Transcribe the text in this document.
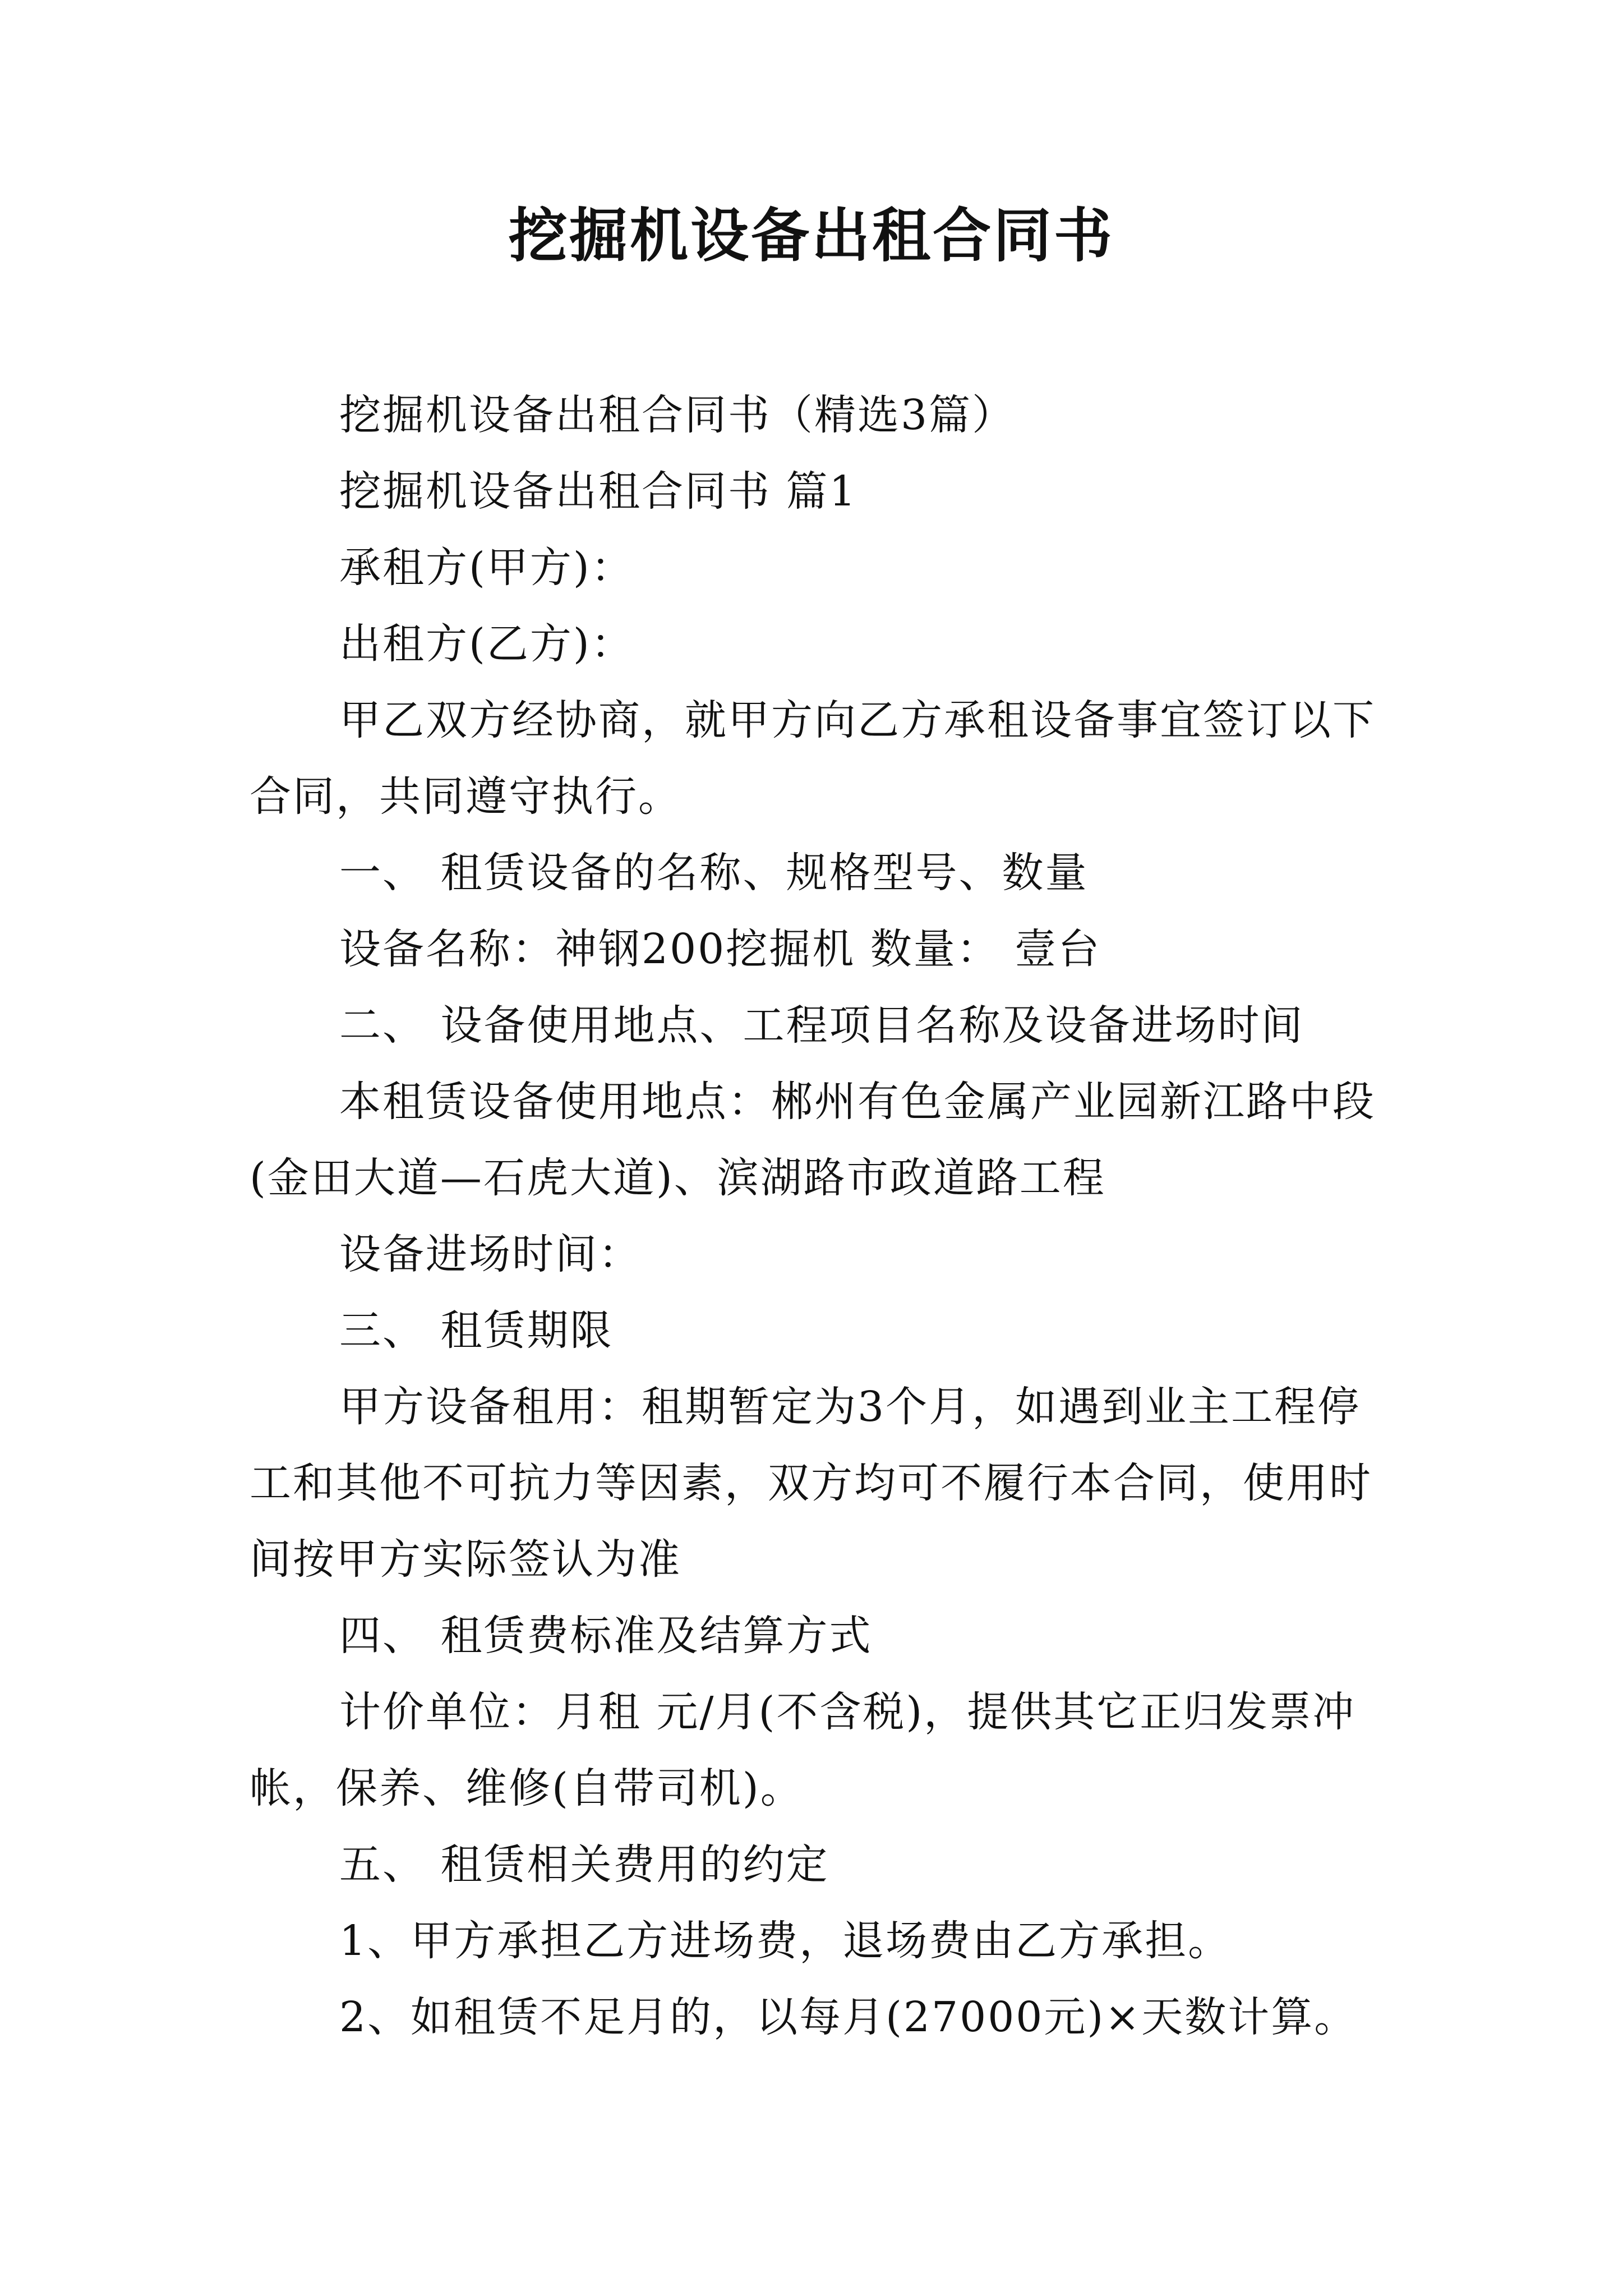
挖掘机设备出租合同书

挖掘机设备出租合同书（精选3篇）

挖掘机设备出租合同书 篇1

承租方(甲方)：

出租方(乙方)：

甲乙双方经协商，就甲方向乙方承租设备事宜签订以下合同，共同遵守执行。

一、 租赁设备的名称、规格型号、数量

设备名称：神钢200挖掘机 数量： 壹台

二、 设备使用地点、工程项目名称及设备进场时间

本租赁设备使用地点：郴州有色金属产业园新江路中段(金田大道—石虎大道)、滨湖路市政道路工程

设备进场时间：

三、 租赁期限

甲方设备租用：租期暂定为3个月，如遇到业主工程停工和其他不可抗力等因素，双方均可不履行本合同，使用时间按甲方实际签认为准

四、 租赁费标准及结算方式

计价单位：月租 元/月(不含税)，提供其它正归发票冲帐，保养、维修(自带司机)。

五、 租赁相关费用的约定

1、甲方承担乙方进场费，退场费由乙方承担。

2、如租赁不足月的，以每月(27000元)×天数计算。
